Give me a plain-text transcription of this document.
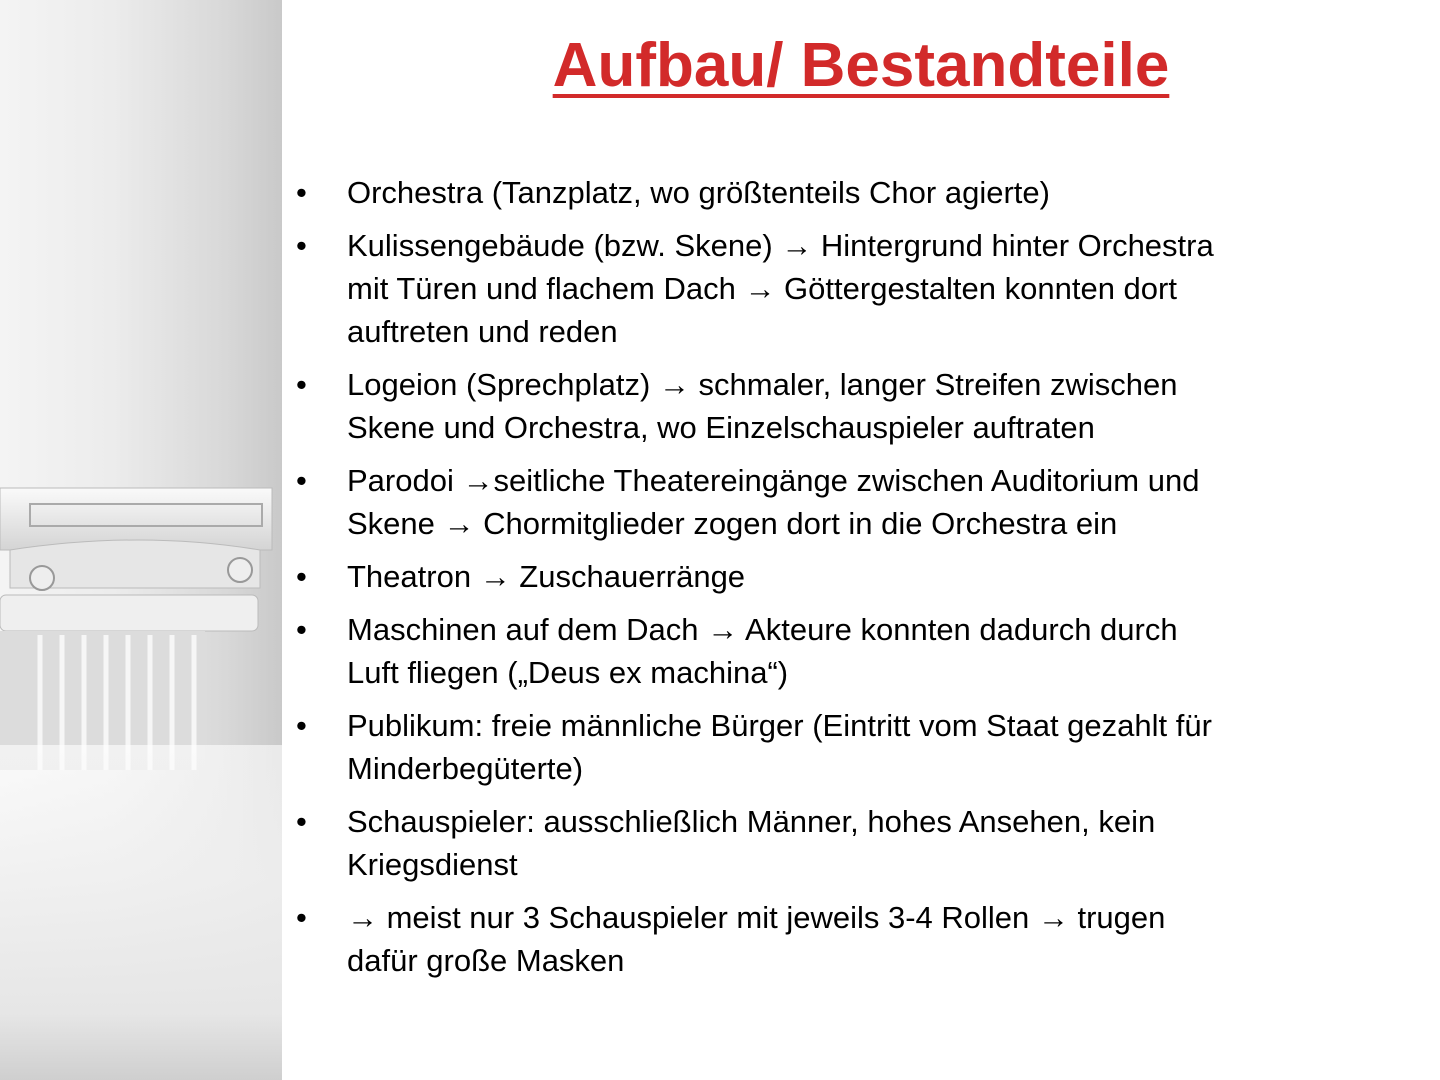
Aufbau/ Bestandteile
• Orchestra (Tanzplatz, wo größtenteils Chor agierte)
• Kulissengebäude (bzw. Skene) → Hintergrund hinter Orchestra
mit Türen und flachem Dach → Göttergestalten konnten dort
auftreten und reden
• Logeion (Sprechplatz) → schmaler, langer Streifen zwischen
Skene und Orchestra, wo Einzelschauspieler auftraten
• Parodoi →seitliche Theatereingänge zwischen Auditorium und
Skene → Chormitglieder zogen dort in die Orchestra ein
• Theatron → Zuschauerränge
• Maschinen auf dem Dach → Akteure konnten dadurch durch
Luft fliegen („Deus ex machina“)
• Publikum: freie männliche Bürger (Eintritt vom Staat gezahlt für
Minderbegüterte)
• Schauspieler: ausschließlich Männer, hohes Ansehen, kein
Kriegsdienst
• → meist nur 3 Schauspieler mit jeweils 3-4 Rollen → trugen
dafür große Masken
